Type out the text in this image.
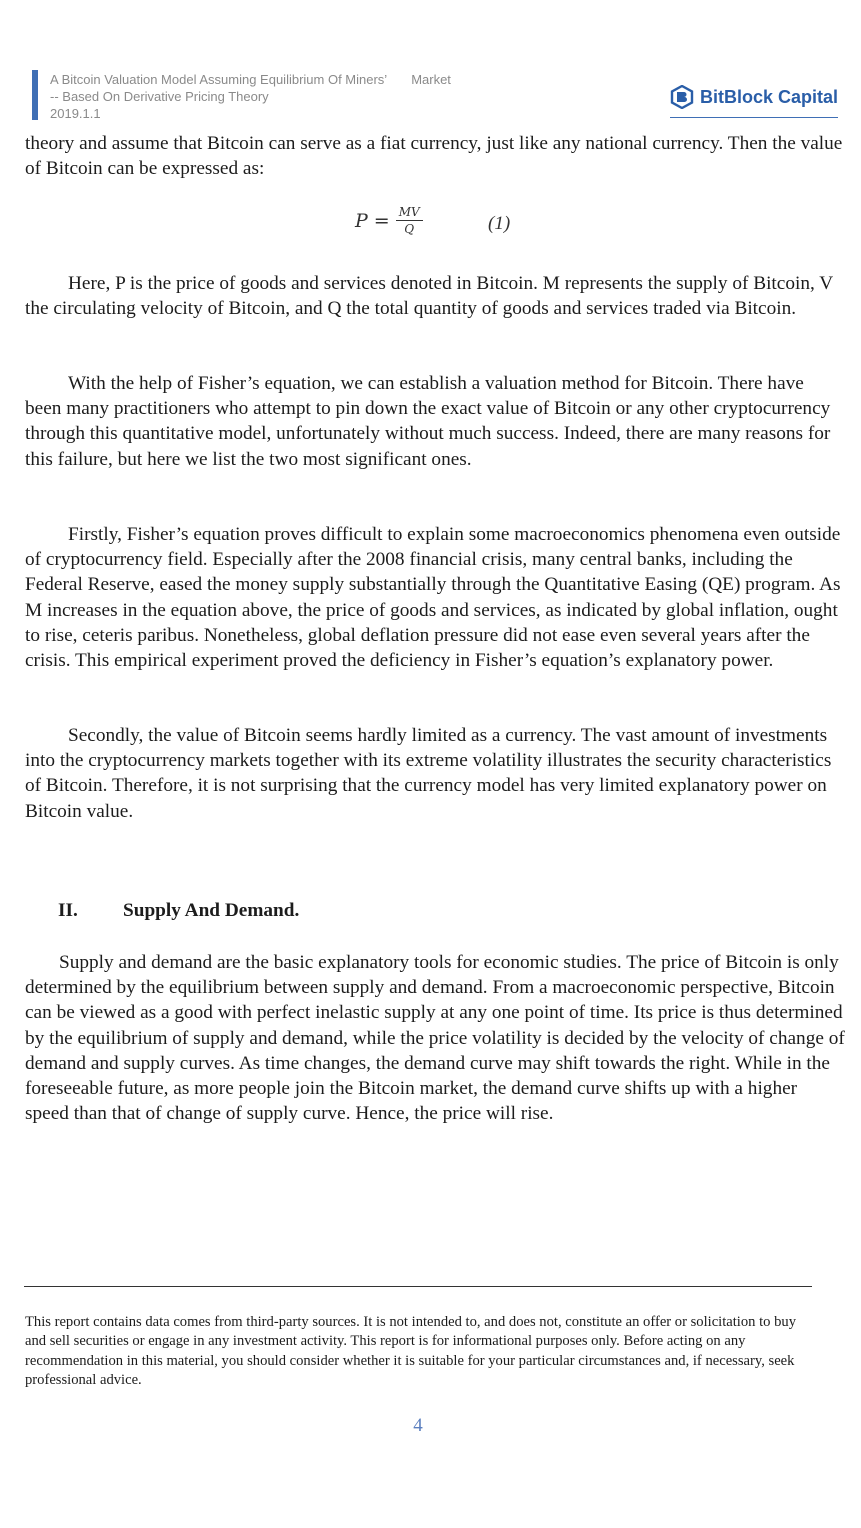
A Bitcoin Valuation Model Assuming Equilibrium Of Miners’ Market
-- Based On Derivative Pricing Theory
2019.1.1
BitBlock Capital

theory and assume that Bitcoin can serve as a fiat currency, just like any national currency. Then the value of Bitcoin can be expressed as:

$P = \frac{MV}{Q}$	(1)

Here, P is the price of goods and services denoted in Bitcoin. M represents the supply of Bitcoin, V the circulating velocity of Bitcoin, and Q the total quantity of goods and services traded via Bitcoin.

With the help of Fisher’s equation, we can establish a valuation method for Bitcoin. There have been many practitioners who attempt to pin down the exact value of Bitcoin or any other cryptocurrency through this quantitative model, unfortunately without much success. Indeed, there are many reasons for this failure, but here we list the two most significant ones.

Firstly, Fisher’s equation proves difficult to explain some macroeconomics phenomena even outside of cryptocurrency field. Especially after the 2008 financial crisis, many central banks, including the Federal Reserve, eased the money supply substantially through the Quantitative Easing (QE) program. As M increases in the equation above, the price of goods and services, as indicated by global inflation, ought to rise, ceteris paribus. Nonetheless, global deflation pressure did not ease even several years after the crisis. This empirical experiment proved the deficiency in Fisher’s equation’s explanatory power.

Secondly, the value of Bitcoin seems hardly limited as a currency. The vast amount of investments into the cryptocurrency markets together with its extreme volatility illustrates the security characteristics of Bitcoin. Therefore, it is not surprising that the currency model has very limited explanatory power on Bitcoin value.

II. Supply And Demand.

Supply and demand are the basic explanatory tools for economic studies. The price of Bitcoin is only determined by the equilibrium between supply and demand. From a macroeconomic perspective, Bitcoin can be viewed as a good with perfect inelastic supply at any one point of time. Its price is thus determined by the equilibrium of supply and demand, while the price volatility is decided by the velocity of change of demand and supply curves. As time changes, the demand curve may shift towards the right. While in the foreseeable future, as more people join the Bitcoin market, the demand curve shifts up with a higher speed than that of change of supply curve. Hence, the price will rise.

This report contains data comes from third-party sources. It is not intended to, and does not, constitute an offer or solicitation to buy and sell securities or engage in any investment activity. This report is for informational purposes only. Before acting on any recommendation in this material, you should consider whether it is suitable for your particular circumstances and, if necessary, seek professional advice.
4
